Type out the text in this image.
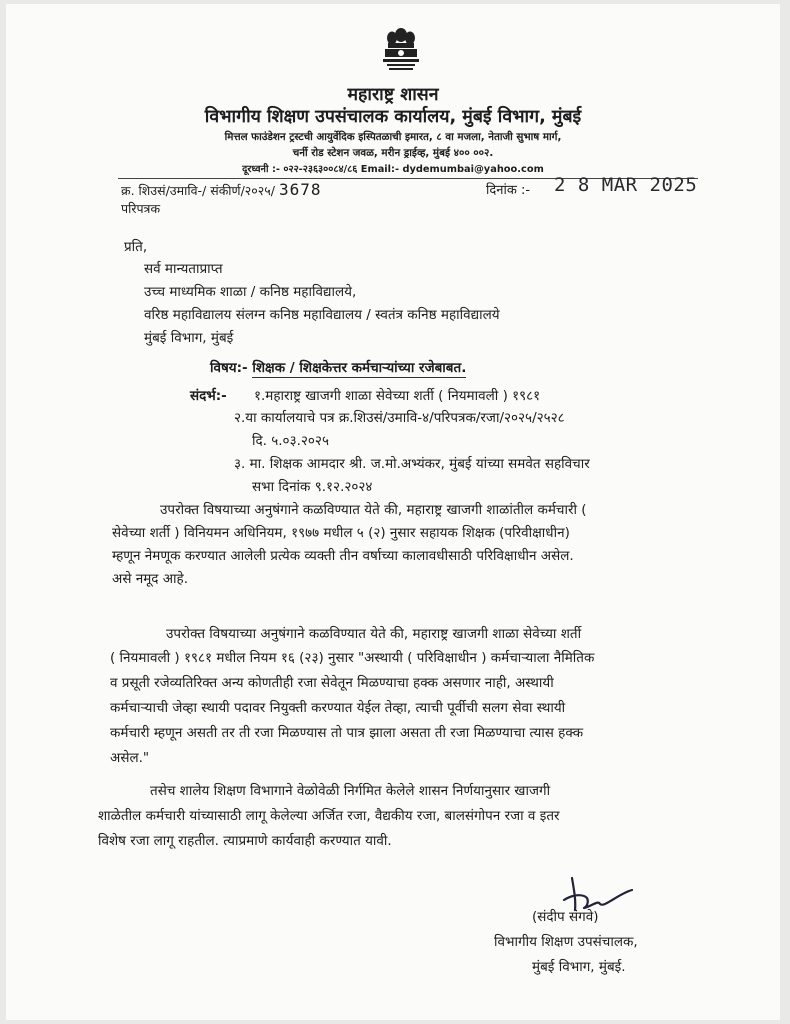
महाराष्ट्र शासन
विभागीय शिक्षण उपसंचालक कार्यालय, मुंबई विभाग, मुंबई
मित्तल फाउंडेशन ट्रस्टची आयुर्वेदिक इस्पितळाची इमारत, ८ वा मजला, नेताजी सुभाष मार्ग,
चर्नी रोड स्टेशन जवळ, मरीन ड्राईव्ह, मुंबई ४०० ००२.
दूरध्वनी :- ०२२-२३६३००८४/८६ Email:- dydemumbai@yahoo.com
क्र. शिउसं/उमावि-/ संकीर्ण/२०२५/ 3678	दिनांक :- 2 8 MAR 2025
परिपत्रक
प्रति,
सर्व मान्यताप्राप्त
उच्च माध्यमिक शाळा / कनिष्ठ महाविद्यालये,
वरिष्ठ महाविद्यालय संलग्न कनिष्ठ महाविद्यालय / स्वतंत्र कनिष्ठ महाविद्यालये
मुंबई विभाग, मुंबई
विषय:- शिक्षक / शिक्षकेत्तर कर्मचाऱ्यांच्या रजेबाबत.
संदर्भ:- १.महाराष्ट्र खाजगी शाळा सेवेच्या शर्ती ( नियमावली ) १९८१
२.या कार्यालयाचे पत्र क्र.शिउसं/उमावि-४/परिपत्रक/रजा/२०२५/२५२८
दि. ५.०३.२०२५
३. मा. शिक्षक आमदार श्री. ज.मो.अभ्यंकर, मुंबई यांच्या समवेत सहविचार
सभा दिनांक ९.१२.२०२४
उपरोक्त विषयाच्या अनुषंगाने कळविण्यात येते की, महाराष्ट्र खाजगी शाळांतील कर्मचारी (
सेवेच्या शर्ती ) विनियमन अधिनियम, १९७७ मधील ५ (२) नुसार सहायक शिक्षक (परिवीक्षाधीन)
म्हणून नेमणूक करण्यात आलेली प्रत्येक व्यक्ती तीन वर्षाच्या कालावधीसाठी परिविक्षाधीन असेल.
असे नमूद आहे.
उपरोक्त विषयाच्या अनुषंगाने कळविण्यात येते की, महाराष्ट्र खाजगी शाळा सेवेच्या शर्ती
( नियमावली ) १९८१ मधील नियम १६ (२३) नुसार "अस्थायी ( परिविक्षाधीन ) कर्मचाऱ्याला नैमितिक
व प्रसूती रजेव्यतिरिक्त अन्य कोणतीही रजा सेवेतून मिळण्याचा हक्क असणार नाही, अस्थायी
कर्मचाऱ्याची जेव्हा स्थायी पदावर नियुक्ती करण्यात येईल तेव्हा, त्याची पूर्वीची सलग सेवा स्थायी
कर्मचारी म्हणून असती तर ती रजा मिळण्यास तो पात्र झाला असता ती रजा मिळण्याचा त्यास हक्क
असेल."
तसेच शालेय शिक्षण विभागाने वेळोवेळी निर्गमित केलेले शासन निर्णयानुसार खाजगी
शाळेतील कर्मचारी यांच्यासाठी लागू केलेल्या अर्जित रजा, वैद्यकीय रजा, बालसंगोपन रजा व इतर
विशेष रजा लागू राहतील. त्याप्रमाणे कार्यवाही करण्यात यावी.
(संदीप संगवे)
विभागीय शिक्षण उपसंचालक,
मुंबई विभाग, मुंबई.
